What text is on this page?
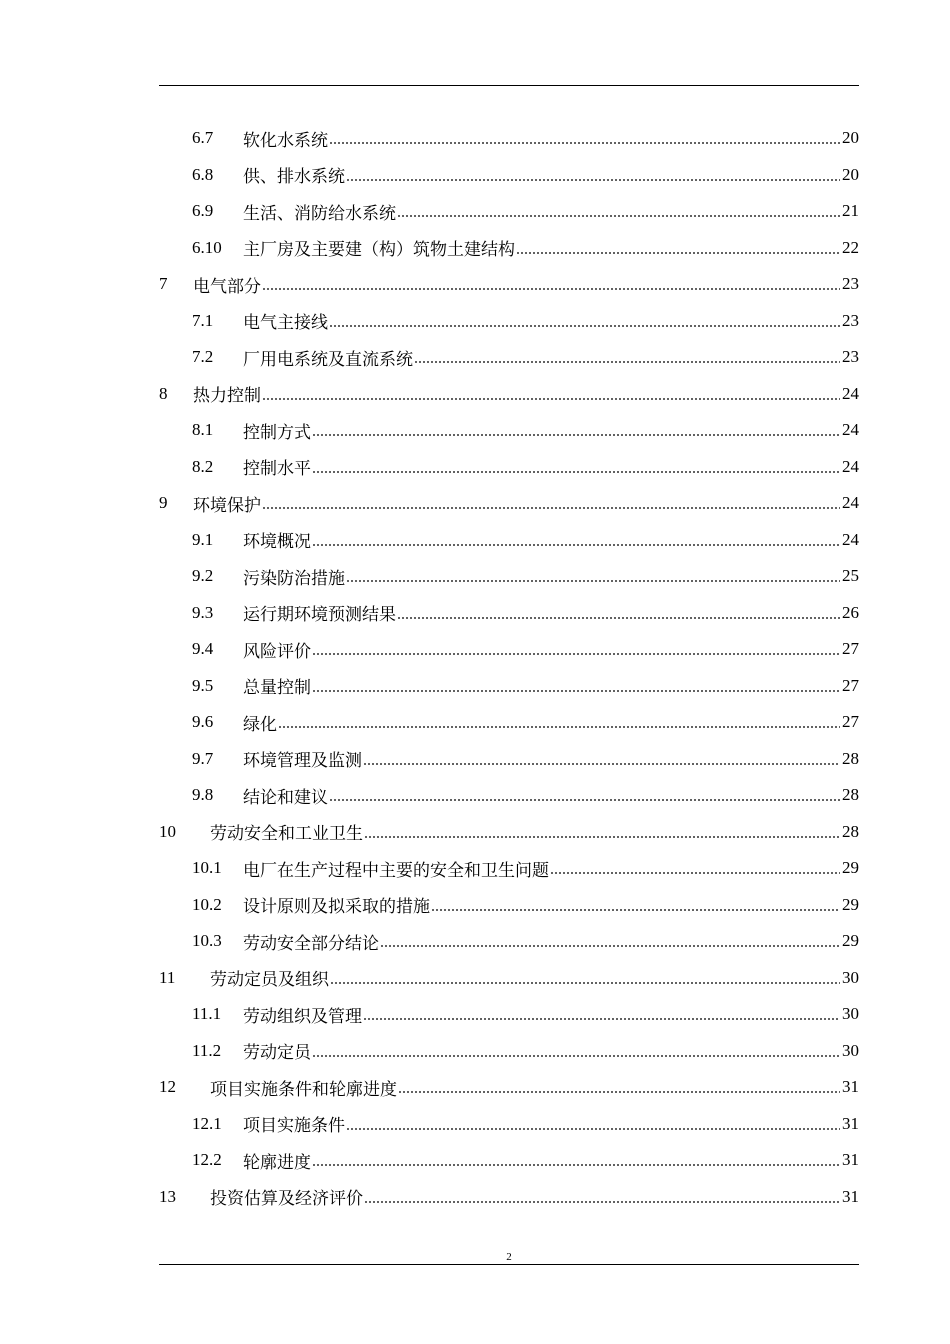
6.7	软化水系统	20
6.8	供、排水系统	20
6.9	生活、消防给水系统	21
6.10	主厂房及主要建（构）筑物土建结构	22
7	电气部分	23
7.1	电气主接线	23
7.2	厂用电系统及直流系统	23
8	热力控制	24
8.1	控制方式	24
8.2	控制水平	24
9	环境保护	24
9.1	环境概况	24
9.2	污染防治措施	25
9.3	运行期环境预测结果	26
9.4	风险评价	27
9.5	总量控制	27
9.6	绿化	27
9.7	环境管理及监测	28
9.8	结论和建议	28
10	劳动安全和工业卫生	28
10.1	电厂在生产过程中主要的安全和卫生问题	29
10.2	设计原则及拟采取的措施	29
10.3	劳动安全部分结论	29
11	劳动定员及组织	30
11.1	劳动组织及管理	30
11.2	劳动定员	30
12	项目实施条件和轮廓进度	31
12.1	项目实施条件	31
12.2	轮廓进度	31
13	投资估算及经济评价	31
2
